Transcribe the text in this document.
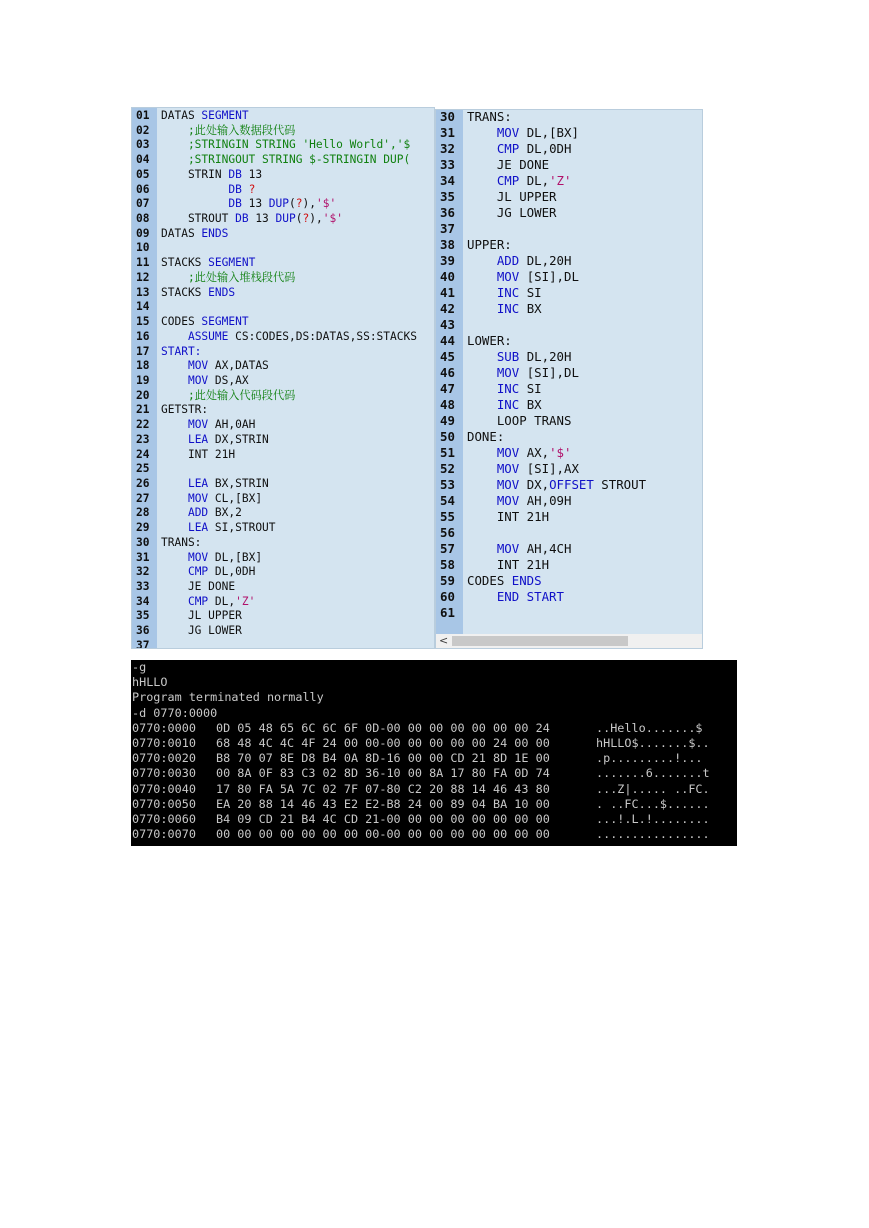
01 DATAS SEGMENT
02    ;此处输入数据段代码
03    ;STRINGIN STRING 'Hello World','$
04    ;STRINGOUT STRING $-STRINGIN DUP(
05    STRIN DB 13
06	DB ?
07	DB 13 DUP(?),'$'
08    STROUT DB 13 DUP(?),'$'
09 DATAS ENDS
10
11 STACKS SEGMENT
12    ;此处输入堆栈段代码
13 STACKS ENDS
14
15 CODES SEGMENT
16	ASSUME CS:CODES,DS:DATAS,SS:STACKS
17 START:
18	MOV AX,DATAS
19	MOV DS,AX
20    ;此处输入代码段代码
21 GETSTR:
22	MOV AH,0AH
23	LEA DX,STRIN
24    INT 21H
25
26	LEA BX,STRIN
27	MOV CL,[BX]
28	ADD BX,2
29	LEA SI,STROUT
30 TRANS:
31	MOV DL,[BX]
32	CMP DL,0DH
33    JE DONE
34	CMP DL,'Z'
35    JL UPPER
36    JG LOWER
37
30 TRANS:
31	MOV DL,[BX]
32	CMP DL,0DH
33    JE DONE
34	CMP DL,'Z'
35    JL UPPER
36    JG LOWER
37
38 UPPER:
39	ADD DL,20H
40	MOV [SI],DL
41	INC SI
42	INC BX
43
44 LOWER:
45	SUB DL,20H
46	MOV [SI],DL
47	INC SI
48	INC BX
49    LOOP TRANS
50 DONE:
51	MOV AX,'$'
52	MOV [SI],AX
53	MOV DX,OFFSET STROUT
54	MOV AH,09H
55    INT 21H
56
57	MOV AH,4CH
58    INT 21H
59 CODES ENDS
60	END START
61
<
-g
hHLLO
Program terminated normally
-d 0770:0000
0770:0000	0D 05 48 65 6C 6C 6F 0D-00 00 00 00 00 00 00 24	..Hello.......$
0770:0010	68 48 4C 4C 4F 24 00 00-00 00 00 00 00 24 00 00	hHLLO$.......$..
0770:0020	B8 70 07 8E D8 B4 0A 8D-16 00 00 CD 21 8D 1E 00	.p.........!...
0770:0030	00 8A 0F 83 C3 02 8D 36-10 00 8A 17 80 FA 0D 74	.......6.......t
0770:0040	17 80 FA 5A 7C 02 7F 07-80 C2 20 88 14 46 43 80	...Z|..... ..FC.
0770:0050	EA 20 88 14 46 43 E2 E2-B8 24 00 89 04 BA 10 00	. ..FC...$......
0770:0060	B4 09 CD 21 B4 4C CD 21-00 00 00 00 00 00 00 00	...!.L.!........
0770:0070	00 00 00 00 00 00 00 00-00 00 00 00 00 00 00 00	................
